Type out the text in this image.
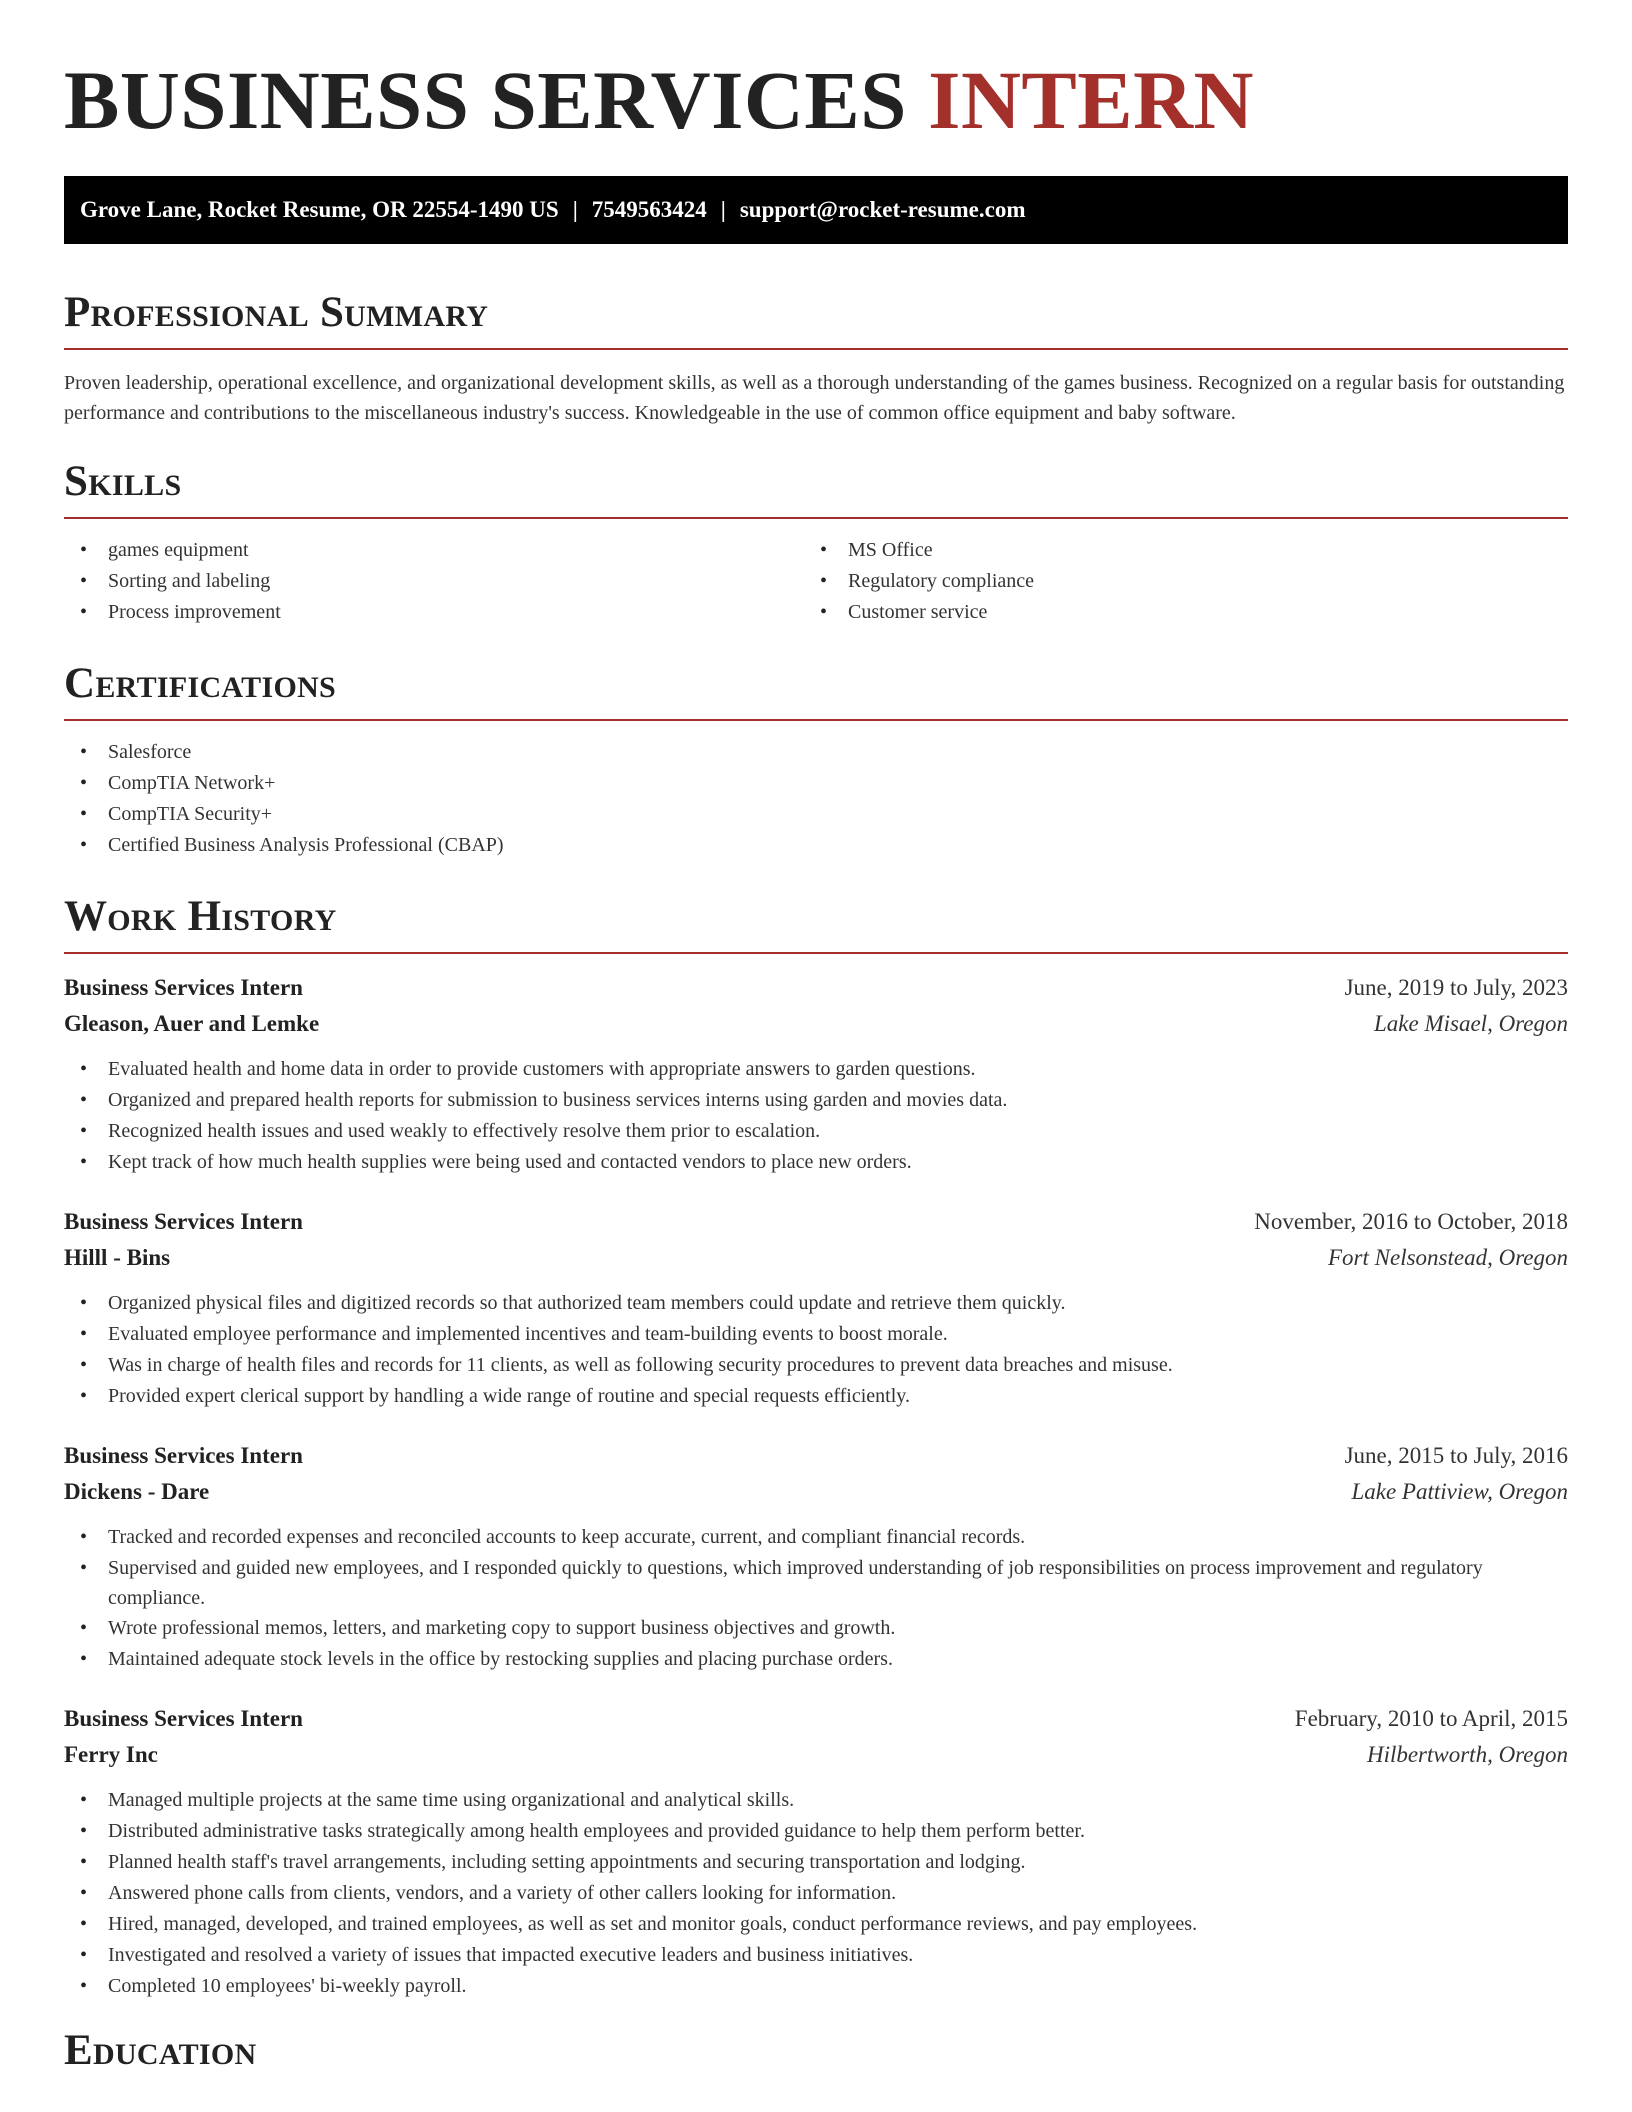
BUSINESS SERVICES INTERN
Grove Lane, Rocket Resume, OR 22554-1490 US | 7549563424 | support@rocket-resume.com
Professional Summary

Proven leadership, operational excellence, and organizational development skills, as well as a thorough understanding of the games business. Recognized on a regular basis for outstanding performance and contributions to the miscellaneous industry's success. Knowledgeable in the use of common office equipment and baby software.

Skills
• games equipment
• Sorting and labeling
• Process improvement
• MS Office
• Regulatory compliance
• Customer service
Certifications
• Salesforce
• CompTIA Network+
• CompTIA Security+
• Certified Business Analysis Professional (CBAP)
Work History
Business Services Intern	June, 2019 to July, 2023
Gleason, Auer and Lemke	Lake Misael, Oregon
• Evaluated health and home data in order to provide customers with appropriate answers to garden questions.
• Organized and prepared health reports for submission to business services interns using garden and movies data.
• Recognized health issues and used weakly to effectively resolve them prior to escalation.
• Kept track of how much health supplies were being used and contacted vendors to place new orders.
Business Services Intern	November, 2016 to October, 2018
Hilll - Bins	Fort Nelsonstead, Oregon
• Organized physical files and digitized records so that authorized team members could update and retrieve them quickly.
• Evaluated employee performance and implemented incentives and team-building events to boost morale.
• Was in charge of health files and records for 11 clients, as well as following security procedures to prevent data breaches and misuse.
• Provided expert clerical support by handling a wide range of routine and special requests efficiently.
Business Services Intern	June, 2015 to July, 2016
Dickens - Dare	Lake Pattiview, Oregon
• Tracked and recorded expenses and reconciled accounts to keep accurate, current, and compliant financial records.
• Supervised and guided new employees, and I responded quickly to questions, which improved understanding of job responsibilities on process improvement and regulatory compliance.
• Wrote professional memos, letters, and marketing copy to support business objectives and growth.
• Maintained adequate stock levels in the office by restocking supplies and placing purchase orders.
Business Services Intern	February, 2010 to April, 2015
Ferry Inc	Hilbertworth, Oregon
• Managed multiple projects at the same time using organizational and analytical skills.
• Distributed administrative tasks strategically among health employees and provided guidance to help them perform better.
• Planned health staff's travel arrangements, including setting appointments and securing transportation and lodging.
• Answered phone calls from clients, vendors, and a variety of other callers looking for information.
• Hired, managed, developed, and trained employees, as well as set and monitor goals, conduct performance reviews, and pay employees.
• Investigated and resolved a variety of issues that impacted executive leaders and business initiatives.
• Completed 10 employees' bi-weekly payroll.
Education
